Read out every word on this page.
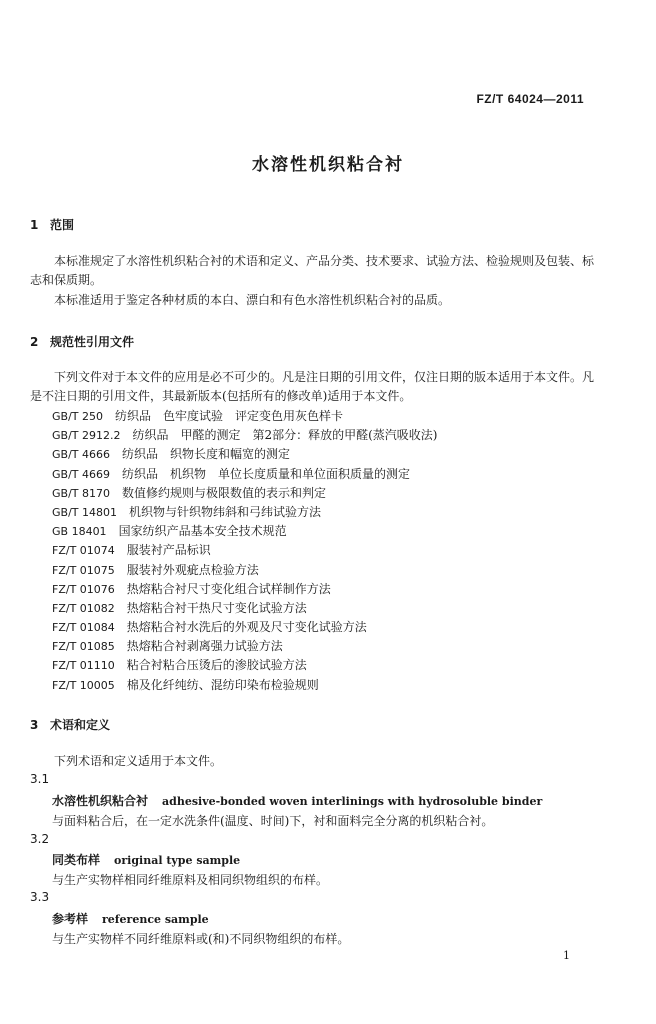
FZ/T 64024—2011
水溶性机织粘合衬
1 范围
本标准规定了水溶性机织粘合衬的术语和定义、产品分类、技术要求、试验方法、检验规则及包装、标志和保质期。
本标准适用于鉴定各种材质的本白、漂白和有色水溶性机织粘合衬的品质。
2 规范性引用文件
下列文件对于本文件的应用是必不可少的。凡是注日期的引用文件，仅注日期的版本适用于本文件。凡是不注日期的引用文件，其最新版本(包括所有的修改单)适用于本文件。
GB/T 250 纺织品　色牢度试验　评定变色用灰色样卡
GB/T 2912.2 纺织品　甲醛的测定　第2部分：释放的甲醛(蒸汽吸收法)
GB/T 4666 纺织品　织物长度和幅宽的测定
GB/T 4669 纺织品　机织物　单位长度质量和单位面积质量的测定
GB/T 8170 数值修约规则与极限数值的表示和判定
GB/T 14801 机织物与针织物纬斜和弓纬试验方法
GB 18401 国家纺织产品基本安全技术规范
FZ/T 01074 服装衬产品标识
FZ/T 01075 服装衬外观疵点检验方法
FZ/T 01076 热熔粘合衬尺寸变化组合试样制作方法
FZ/T 01082 热熔粘合衬干热尺寸变化试验方法
FZ/T 01084 热熔粘合衬水洗后的外观及尺寸变化试验方法
FZ/T 01085 热熔粘合衬剥离强力试验方法
FZ/T 01110 粘合衬粘合压烫后的渗胶试验方法
FZ/T 10005 棉及化纤纯纺、混纺印染布检验规则
3 术语和定义
下列术语和定义适用于本文件。
3.1
水溶性机织粘合衬 adhesive-bonded woven interlinings with hydrosoluble binder
与面料粘合后，在一定水洗条件(温度、时间)下，衬和面料完全分离的机织粘合衬。
3.2
同类布样 original type sample
与生产实物样相同纤维原料及相同织物组织的布样。
3.3
参考样 reference sample
与生产实物样不同纤维原料或(和)不同织物组织的布样。
1
